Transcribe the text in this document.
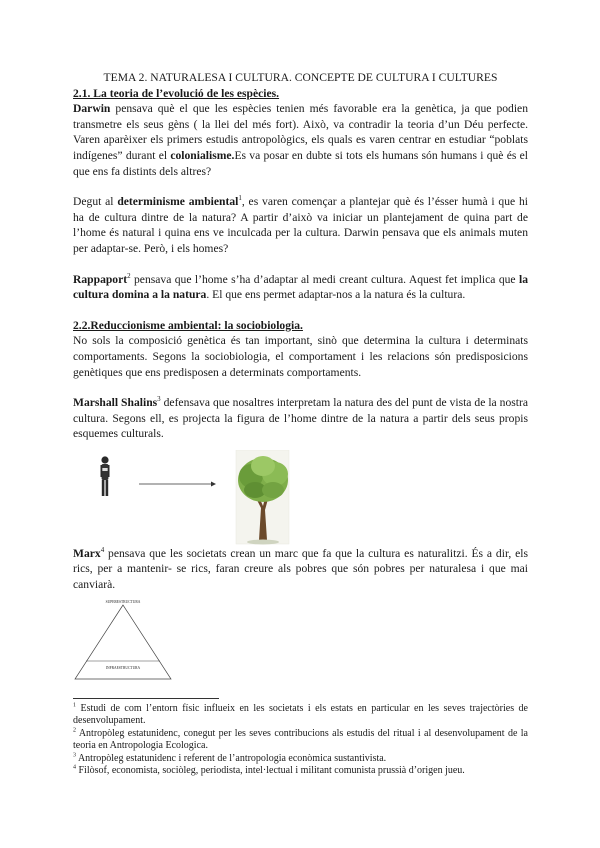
TEMA 2. NATURALESA I CULTURA. CONCEPTE DE CULTURA I CULTURES

2.1. La teoria de l’evolució de les espècies.

Darwin pensava què el que les espècies tenien més favorable era la genètica, ja que podien transmetre els seus gèns ( la llei del més fort). Això, va contradir la teoria d’un Déu perfecte. Varen aparèixer els primers estudis antropològics, els quals es varen centrar en estudiar “poblats indígenes” durant el colonialisme.Es va posar en dubte si tots els humans són humans i què és el que ens fa distints dels altres?

Degut al determinisme ambiental$^1$, es varen començar a plantejar què és l’ésser humà i que hi ha de cultura dintre de la natura? A partir d’això va iniciar un plantejament de quina part de l’home és natural i quina ens ve inculcada per la cultura. Darwin pensava que els animals muten per adaptar-se. Però, i els homes?

Rappaport$^2$ pensava que l’home s’ha d’adaptar al medi creant cultura. Aquest fet implica que la cultura domina a la natura. El que ens permet adaptar-nos a la natura és la cultura.

2.2.Reduccionisme ambiental: la sociobiologia.

No sols la composició genètica és tan important, sinò que determina la cultura i determinats comportaments. Segons la sociobiologia, el comportament i les relacions són predisposicions genètiques que ens predisposen a determinats comportaments.

Marshall Shalins$^3$ defensava que nosaltres interpretam la natura des del punt de vista de la nostra cultura. Segons ell, es projecta la figura de l’home dintre de la natura a partir dels seus propis esquemes culturals.

Marx$^4$ pensava que les societats crean un marc que fa que la cultura es naturalitzi. És a dir, els rics, per a mantenir- se rics, faran creure als pobres que són pobres per naturalesa i que mai canviarà.

SUPERESTRUCTURA
INFRAESTRUCTURA

$^1$ Estudi de com l’entorn físic influeix en les societats i els estats en particular en les seves trajectòries de desenvolupament.

$^2$ Antropòleg estatunidenc, conegut per les seves contribucions als estudis del ritual i al desenvolupament de la teoria en Antropologia Ecologica.

$^3$ Antropòleg estatunidenc i referent de l’antropologia econòmica sustantivista.

$^4$ Filòsof, economista, sociòleg, periodista, intel·lectual i militant comunista prussià d’origen jueu.
